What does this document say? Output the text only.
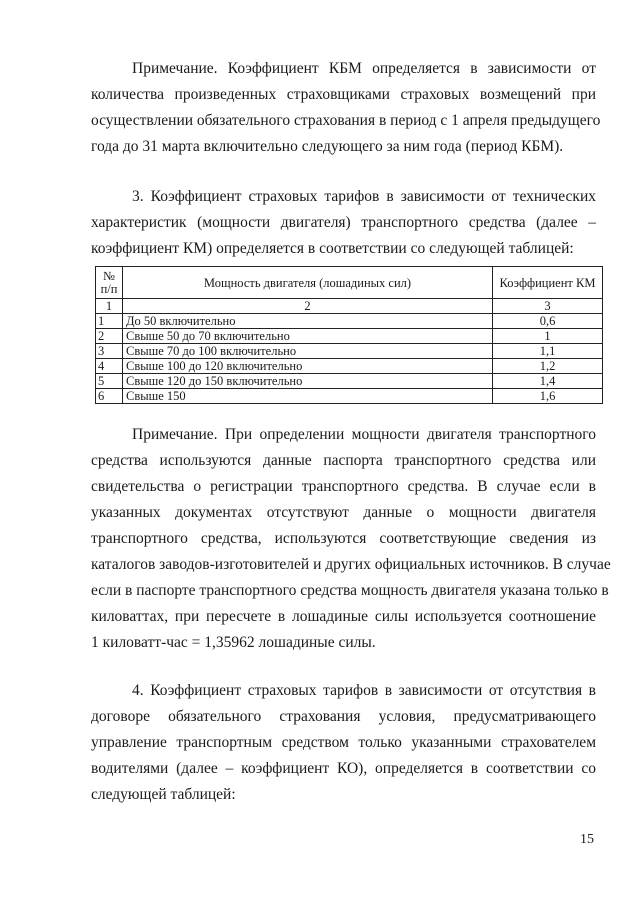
Примечание. Коэффициент КБМ определяется в зависимости от
количества произведенных страховщиками страховых возмещений при
осуществлении обязательного страхования в период с 1 апреля предыдущего
года до 31 марта включительно следующего за ним года (период КБМ).

3. Коэффициент страховых тарифов в зависимости от технических
характеристик (мощности двигателя) транспортного средства (далее –
коэффициент КМ) определяется в соответствии со следующей таблицей:

№
п/п	Мощность двигателя (лошадиных сил)	Коэффициент КМ
1	2	3
1	До 50 включительно	0,6
2	Свыше 50 до 70 включительно	1
3	Свыше 70 до 100 включительно	1,1
4	Свыше 100 до 120 включительно	1,2
5	Свыше 120 до 150 включительно	1,4
6	Свыше 150	1,6

Примечание. При определении мощности двигателя транспортного
средства используются данные паспорта транспортного средства или
свидетельства о регистрации транспортного средства. В случае если в
указанных документах отсутствуют данные о мощности двигателя
транспортного средства, используются соответствующие сведения из
каталогов заводов-изготовителей и других официальных источников. В случае
если в паспорте транспортного средства мощность двигателя указана только в
киловаттах, при пересчете в лошадиные силы используется соотношение
1 киловатт-час = 1,35962 лошадиные силы.

4. Коэффициент страховых тарифов в зависимости от отсутствия в
договоре обязательного страхования условия, предусматривающего
управление транспортным средством только указанными страхователем
водителями (далее – коэффициент КО), определяется в соответствии со
следующей таблицей:

15
